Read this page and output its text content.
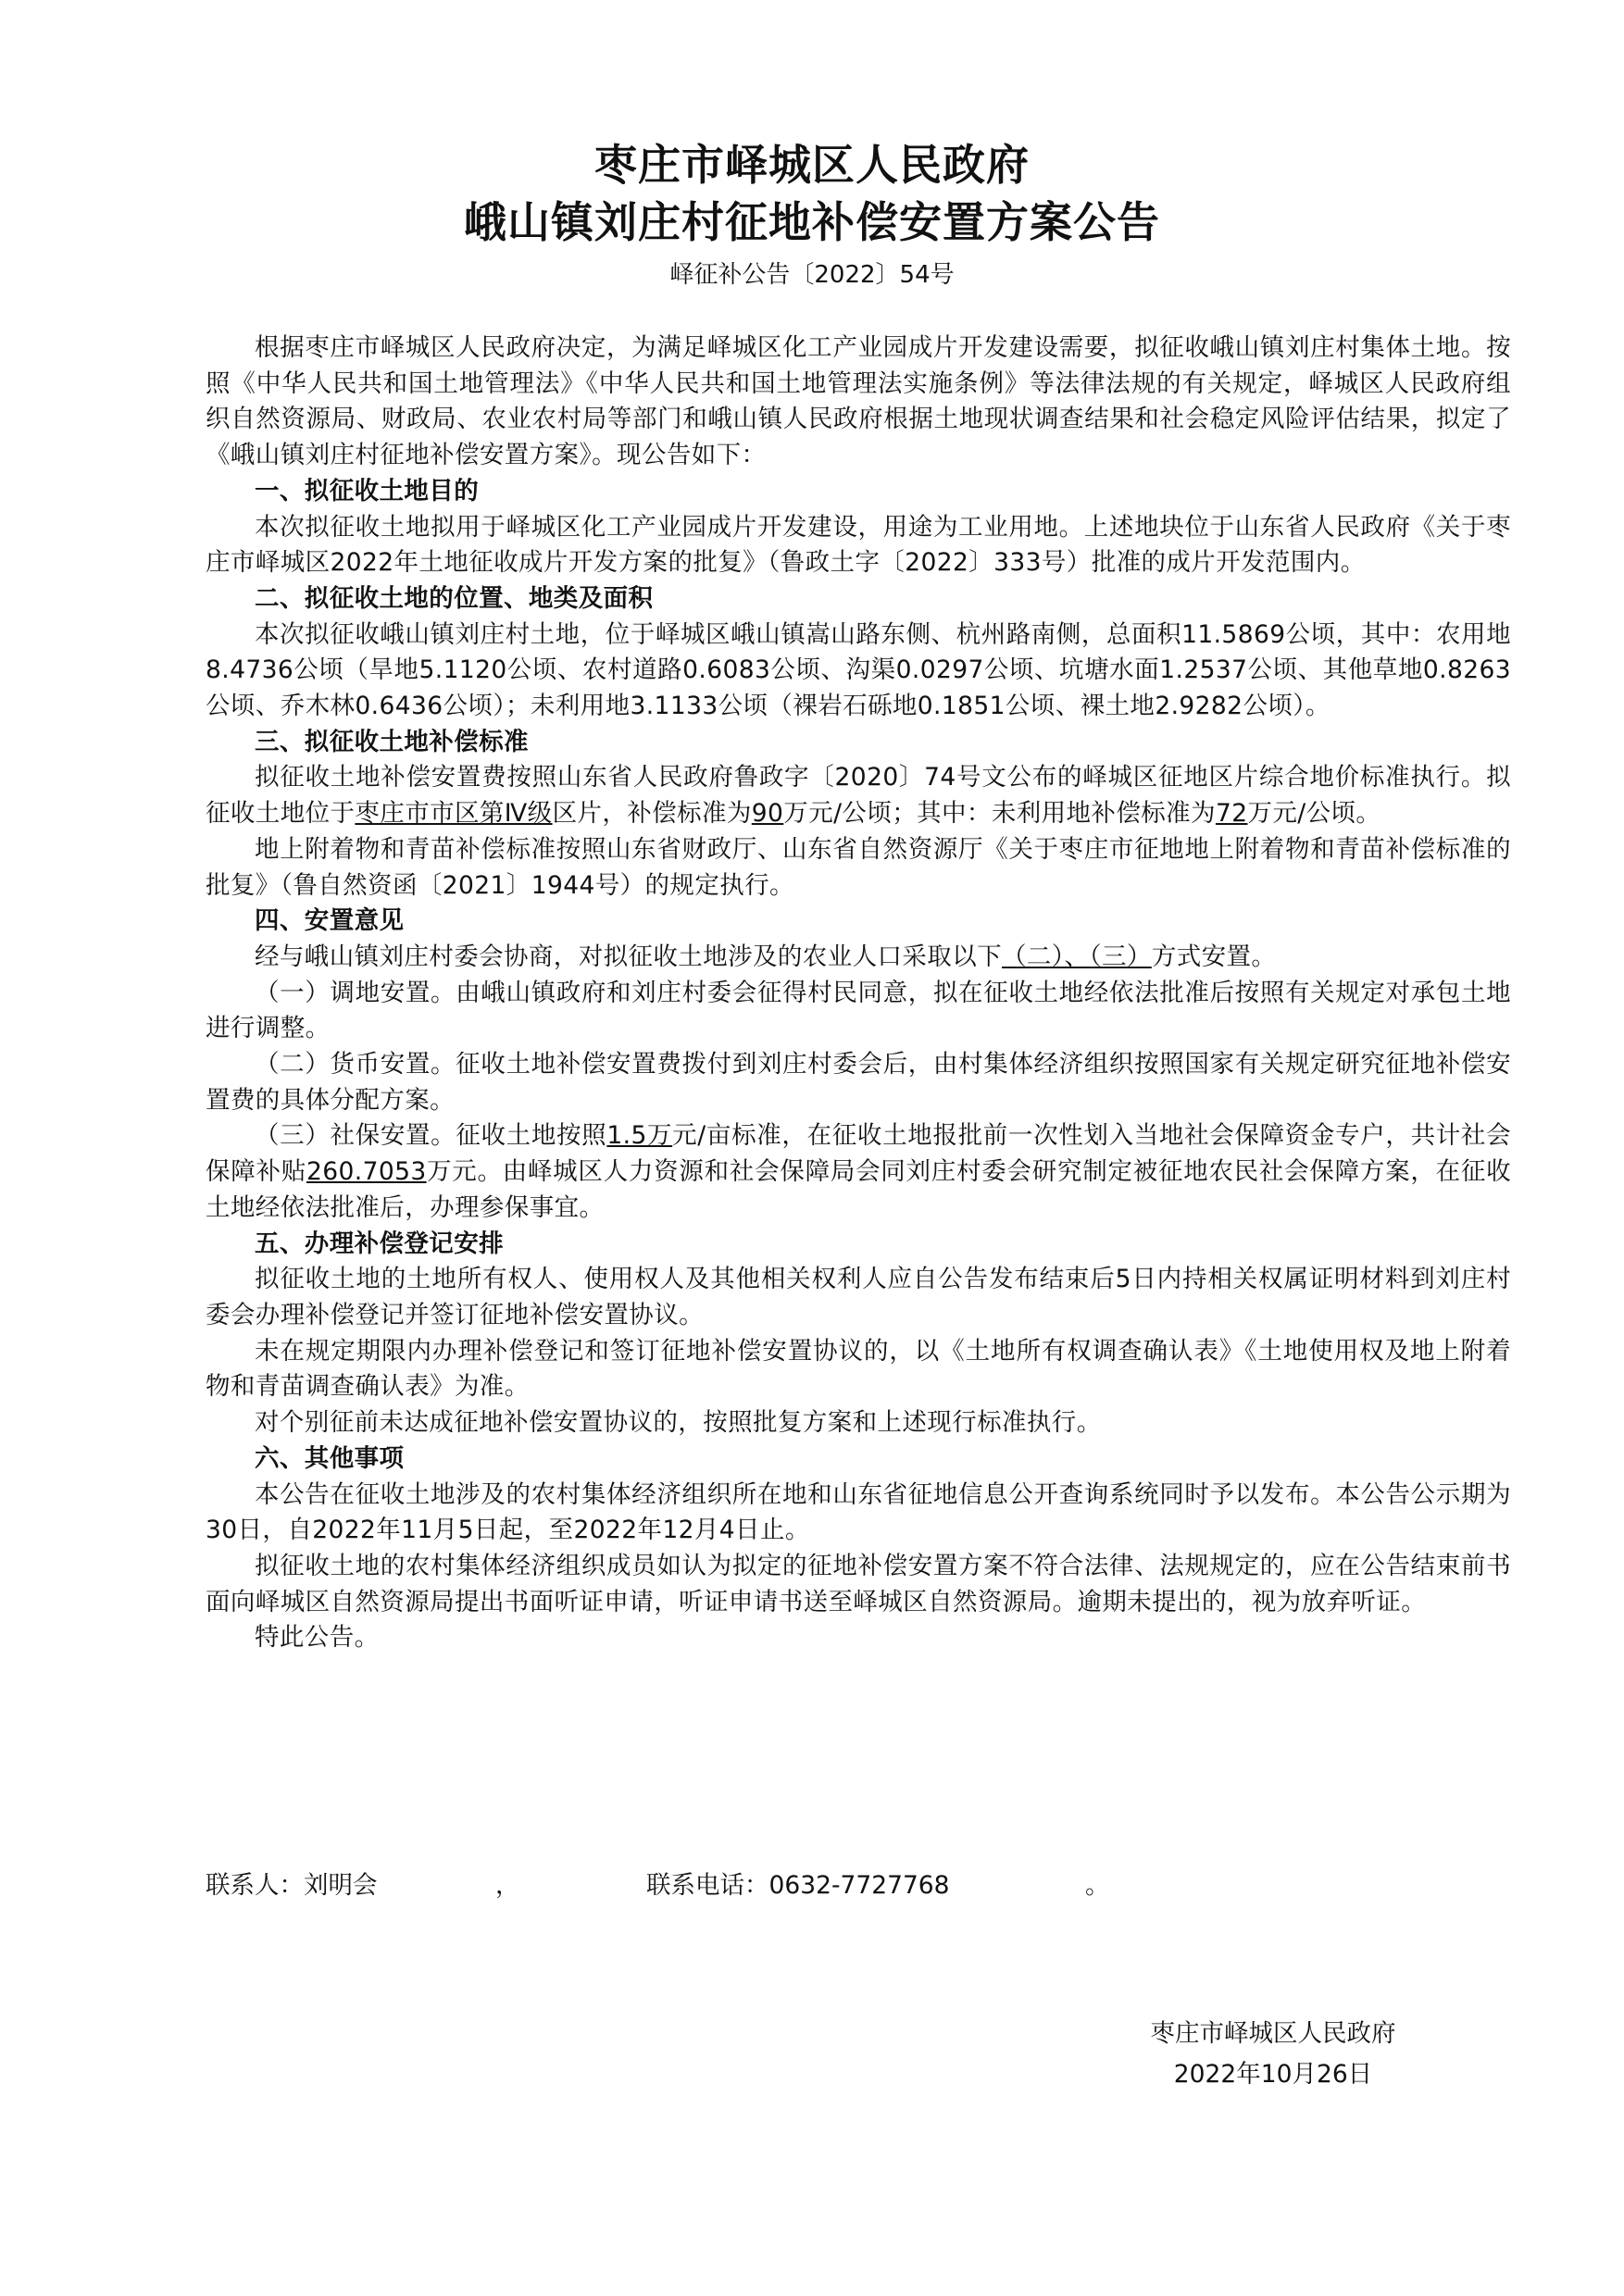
枣庄市峄城区人民政府
峨山镇刘庄村征地补偿安置方案公告
峄征补公告〔2022〕54号

根据枣庄市峄城区人民政府决定，为满足峄城区化工产业园成片开发建设需要，拟征收峨山镇刘庄村集体土地。按照《中华人民共和国土地管理法》《中华人民共和国土地管理法实施条例》等法律法规的有关规定，峄城区人民政府组织自然资源局、财政局、农业农村局等部门和峨山镇人民政府根据土地现状调查结果和社会稳定风险评估结果，拟定了《峨山镇刘庄村征地补偿安置方案》。现公告如下：

一、拟征收土地目的

本次拟征收土地拟用于峄城区化工产业园成片开发建设，用途为工业用地。上述地块位于山东省人民政府《关于枣庄市峄城区2022年土地征收成片开发方案的批复》（鲁政土字〔2022〕333号）批准的成片开发范围内。

二、拟征收土地的位置、地类及面积

本次拟征收峨山镇刘庄村土地，位于峄城区峨山镇嵩山路东侧、杭州路南侧，总面积11.5869公顷，其中：农用地8.4736公顷（旱地5.1120公顷、农村道路0.6083公顷、沟渠0.0297公顷、坑塘水面1.2537公顷、其他草地0.8263公顷、乔木林0.6436公顷）；未利用地3.1133公顷（裸岩石砾地0.1851公顷、裸土地2.9282公顷）。

三、拟征收土地补偿标准

拟征收土地补偿安置费按照山东省人民政府鲁政字〔2020〕74号文公布的峄城区征地区片综合地价标准执行。拟征收土地位于枣庄市市区第Ⅳ级区片，补偿标准为90万元/公顷；其中：未利用地补偿标准为72万元/公顷。

地上附着物和青苗补偿标准按照山东省财政厅、山东省自然资源厅《关于枣庄市征地地上附着物和青苗补偿标准的批复》（鲁自然资函〔2021〕1944号）的规定执行。

四、安置意见

经与峨山镇刘庄村委会协商，对拟征收土地涉及的农业人口采取以下（二）、（三）方式安置。

（一）调地安置。由峨山镇政府和刘庄村委会征得村民同意，拟在征收土地经依法批准后按照有关规定对承包土地进行调整。

（二）货币安置。征收土地补偿安置费拨付到刘庄村委会后，由村集体经济组织按照国家有关规定研究征地补偿安置费的具体分配方案。

（三）社保安置。征收土地按照1.5万元/亩标准，在征收土地报批前一次性划入当地社会保障资金专户，共计社会保障补贴260.7053万元。由峄城区人力资源和社会保障局会同刘庄村委会研究制定被征地农民社会保障方案，在征收土地经依法批准后，办理参保事宜。

五、办理补偿登记安排

拟征收土地的土地所有权人、使用权人及其他相关权利人应自公告发布结束后5日内持相关权属证明材料到刘庄村委会办理补偿登记并签订征地补偿安置协议。

未在规定期限内办理补偿登记和签订征地补偿安置协议的，以《土地所有权调查确认表》《土地使用权及地上附着物和青苗调查确认表》为准。

对个别征前未达成征地补偿安置协议的，按照批复方案和上述现行标准执行。

六、其他事项

本公告在征收土地涉及的农村集体经济组织所在地和山东省征地信息公开查询系统同时予以发布。本公告公示期为30日，自2022年11月5日起，至2022年12月4日止。

拟征收土地的农村集体经济组织成员如认为拟定的征地补偿安置方案不符合法律、法规规定的，应在公告结束前书面向峄城区自然资源局提出书面听证申请，听证申请书送至峄城区自然资源局。逾期未提出的，视为放弃听证。

特此公告。

联系人：刘明会	，	联系电话：0632-7727768	。
枣庄市峄城区人民政府
2022年10月26日
